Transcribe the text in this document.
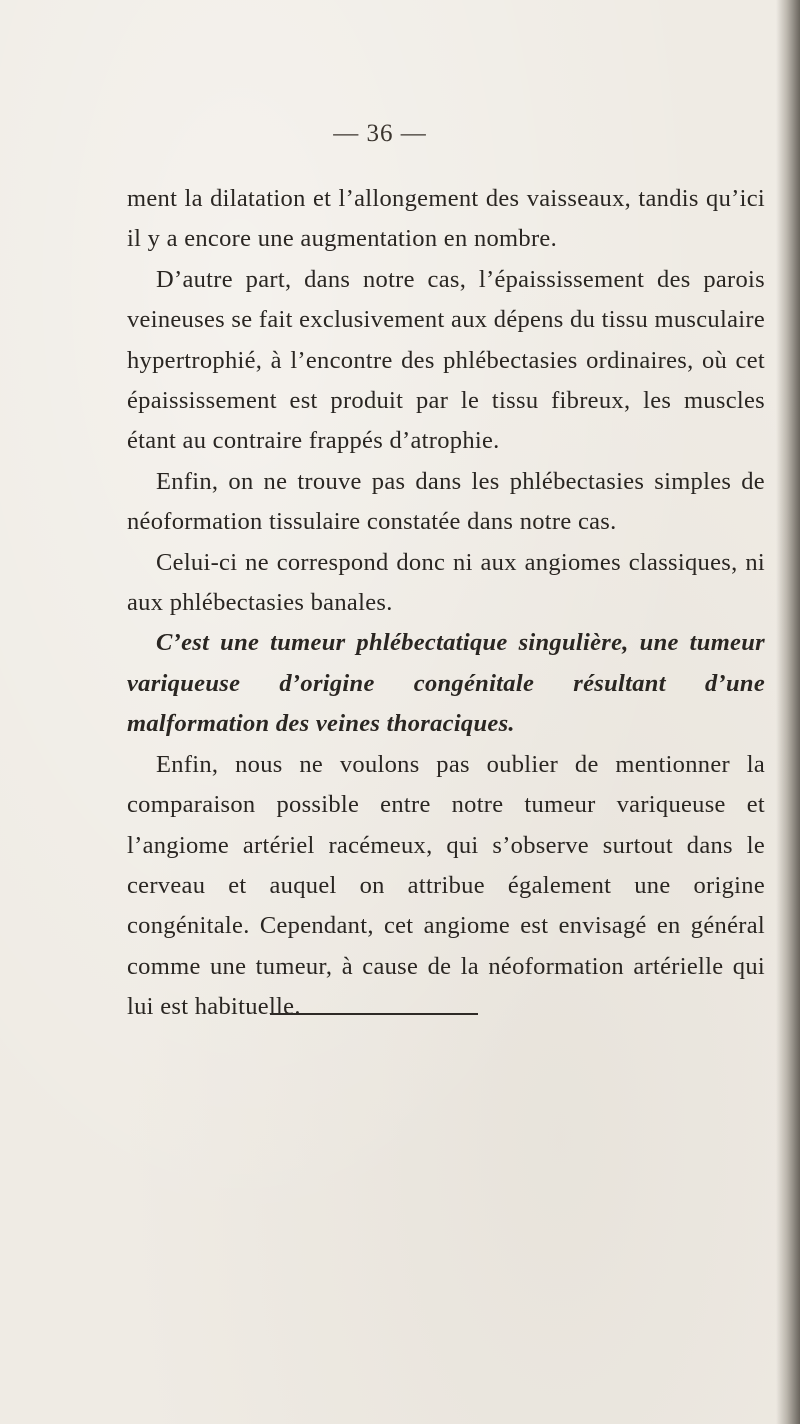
— 36 —

ment la dilatation et l’allongement des vaisseaux, tandis qu’ici il y a encore une augmentation en nombre.

D’autre part, dans notre cas, l’épaississement des parois veineuses se fait exclusivement aux dépens du tissu musculaire hypertrophié, à l’encontre des phlébectasies ordinaires, où cet épaississement est produit par le tissu fibreux, les muscles étant au contraire frappés d’atrophie.

Enfin, on ne trouve pas dans les phlébectasies simples de néoformation tissulaire constatée dans notre cas.

Celui-ci ne correspond donc ni aux angiomes classiques, ni aux phlébectasies banales.

C’est une tumeur phlébectatique singulière, une tumeur variqueuse d’origine congénitale résultant d’une malformation des veines thoraciques.

Enfin, nous ne voulons pas oublier de mentionner la comparaison possible entre notre tumeur variqueuse et l’angiome artériel racémeux, qui s’observe surtout dans le cerveau et auquel on attribue également une origine congénitale. Cependant, cet angiome est envisagé en général comme une tumeur, à cause de la néoformation artérielle qui lui est habituelle.
